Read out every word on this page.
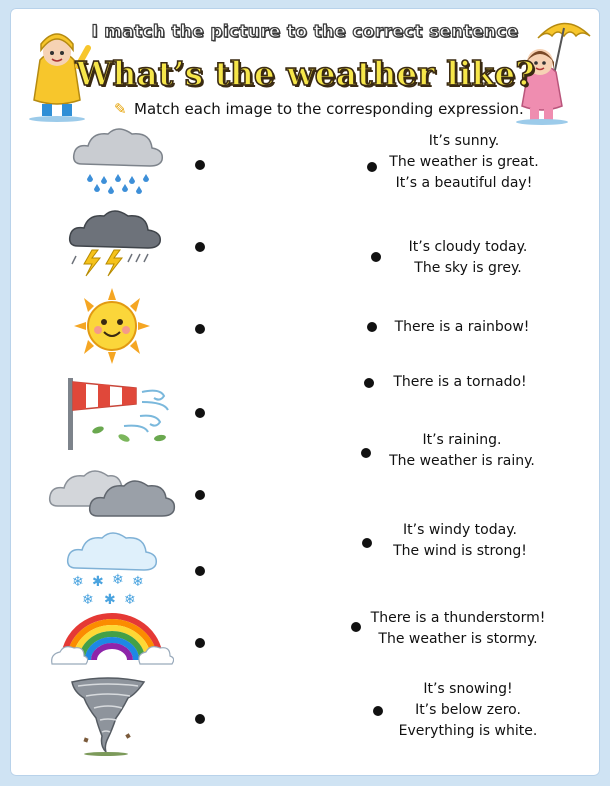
I match the picture to the correct sentence
What’s the weather like?
✎ Match each image to the corresponding expression.
❄ ✱ ❄ ❄
❄ ✱ ❄
It’s sunny.
The weather is great.
It’s a beautiful day!
It’s cloudy today.
The sky is grey.
There is a rainbow!
There is a tornado!
It’s raining.
The weather is rainy.
It’s windy today.
The wind is strong!
There is a thunderstorm!
The weather is stormy.
It’s snowing!
It’s below zero.
Everything is white.
